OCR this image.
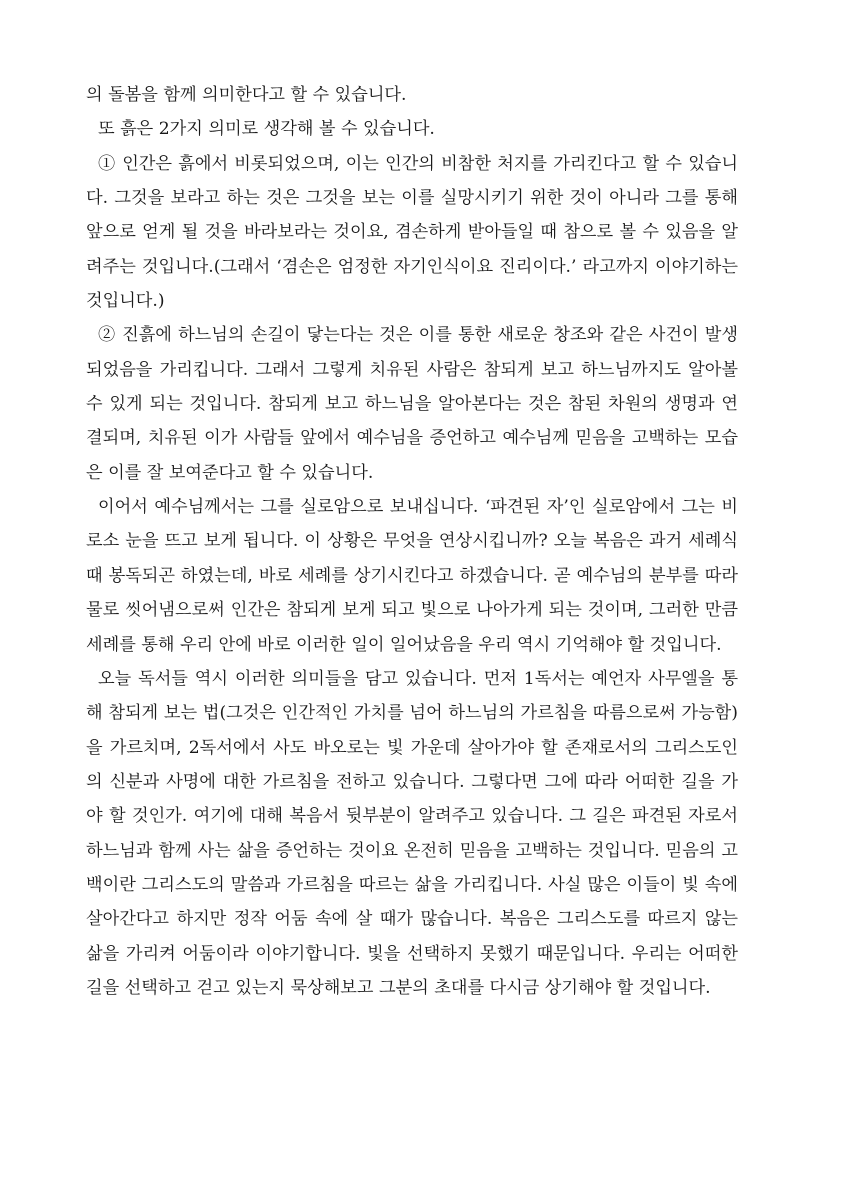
의 돌봄을 함께 의미한다고 할 수 있습니다.

또 흙은 2가지 의미로 생각해 볼 수 있습니다.

① 인간은 흙에서 비롯되었으며, 이는 인간의 비참한 처지를 가리킨다고 할 수 있습니다. 그것을 보라고 하는 것은 그것을 보는 이를 실망시키기 위한 것이 아니라 그를 통해 앞으로 얻게 될 것을 바라보라는 것이요, 겸손하게 받아들일 때 참으로 볼 수 있음을 알려주는 것입니다.(그래서 ‘겸손은 엄정한 자기인식이요 진리이다.’ 라고까지 이야기하는 것입니다.)

② 진흙에 하느님의 손길이 닿는다는 것은 이를 통한 새로운 창조와 같은 사건이 발생되었음을 가리킵니다. 그래서 그렇게 치유된 사람은 참되게 보고 하느님까지도 알아볼 수 있게 되는 것입니다. 참되게 보고 하느님을 알아본다는 것은 참된 차원의 생명과 연결되며, 치유된 이가 사람들 앞에서 예수님을 증언하고 예수님께 믿음을 고백하는 모습은 이를 잘 보여준다고 할 수 있습니다.

이어서 예수님께서는 그를 실로암으로 보내십니다. ‘파견된 자’인 실로암에서 그는 비로소 눈을 뜨고 보게 됩니다. 이 상황은 무엇을 연상시킵니까? 오늘 복음은 과거 세례식 때 봉독되곤 하였는데, 바로 세례를 상기시킨다고 하겠습니다. 곧 예수님의 분부를 따라 물로 씻어냄으로써 인간은 참되게 보게 되고 빛으로 나아가게 되는 것이며, 그러한 만큼 세례를 통해 우리 안에 바로 이러한 일이 일어났음을 우리 역시 기억해야 할 것입니다.

오늘 독서들 역시 이러한 의미들을 담고 있습니다. 먼저 1독서는 예언자 사무엘을 통해 참되게 보는 법(그것은 인간적인 가치를 넘어 하느님의 가르침을 따름으로써 가능함)을 가르치며, 2독서에서 사도 바오로는 빛 가운데 살아가야 할 존재로서의 그리스도인의 신분과 사명에 대한 가르침을 전하고 있습니다. 그렇다면 그에 따라 어떠한 길을 가야 할 것인가. 여기에 대해 복음서 뒷부분이 알려주고 있습니다. 그 길은 파견된 자로서 하느님과 함께 사는 삶을 증언하는 것이요 온전히 믿음을 고백하는 것입니다. 믿음의 고백이란 그리스도의 말씀과 가르침을 따르는 삶을 가리킵니다. 사실 많은 이들이 빛 속에 살아간다고 하지만 정작 어둠 속에 살 때가 많습니다. 복음은 그리스도를 따르지 않는 삶을 가리켜 어둠이라 이야기합니다. 빛을 선택하지 못했기 때문입니다. 우리는 어떠한 길을 선택하고 걷고 있는지 묵상해보고 그분의 초대를 다시금 상기해야 할 것입니다.
